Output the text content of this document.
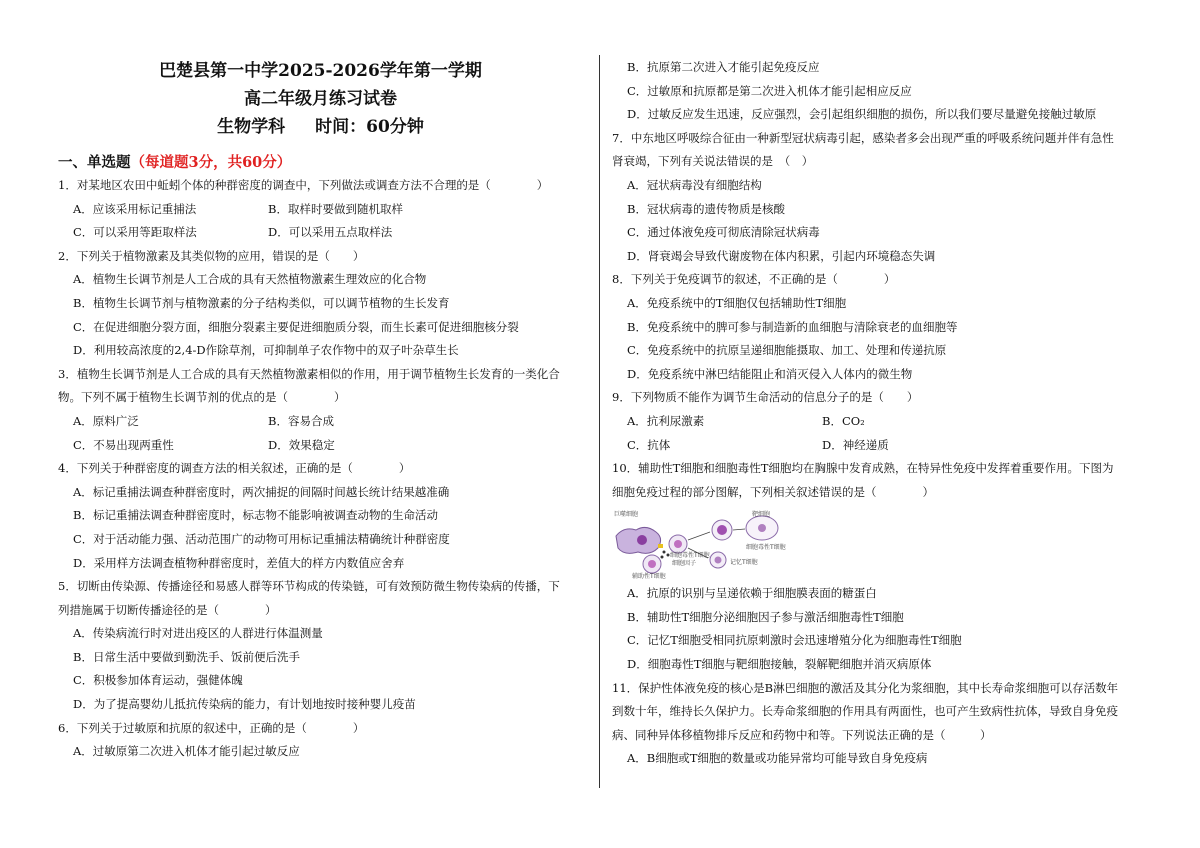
巴楚县第一中学2025-2026学年第一学期
高二年级月练习试卷
生物学科 时间：60分钟
一、单选题（每道题3分，共60分）

1．对某地区农田中蚯蚓个体的种群密度的调查中，下列做法或调查方法不合理的是（　　　　）

A．应该采用标记重捕法	B．取样时要做到随机取样
C．可以采用等距取样法	D．可以采用五点取样法

2．下列关于植物激素及其类似物的应用，错误的是（　　）

A．植物生长调节剂是人工合成的具有天然植物激素生理效应的化合物

B．植物生长调节剂与植物激素的分子结构类似，可以调节植物的生长发育

C．在促进细胞分裂方面，细胞分裂素主要促进细胞质分裂，而生长素可促进细胞核分裂

D．利用较高浓度的2,4-D作除草剂，可抑制单子农作物中的双子叶杂草生长

3．植物生长调节剂是人工合成的具有天然植物激素相似的作用，用于调节植物生长发育的一类化合

物。下列不属于植物生长调节剂的优点的是（　　　　）

A．原料广泛	B．容易合成
C．不易出现两重性	D．效果稳定

4．下列关于种群密度的调查方法的相关叙述，正确的是（　　　　）

A．标记重捕法调查种群密度时，两次捕捉的间隔时间越长统计结果越准确

B．标记重捕法调查种群密度时，标志物不能影响被调查动物的生命活动

C．对于活动能力强、活动范围广的动物可用标记重捕法精确统计种群密度

D．采用样方法调查植物种群密度时，差值大的样方内数值应舍弃

5．切断由传染源、传播途径和易感人群等环节构成的传染链，可有效预防微生物传染病的传播，下

列措施属于切断传播途径的是（　　　　）

A．传染病流行时对进出疫区的人群进行体温测量

B．日常生活中要做到勤洗手、饭前便后洗手

C．积极参加体育运动，强健体魄

D．为了提高婴幼儿抵抗传染病的能力，有计划地按时接种婴儿疫苗

6．下列关于过敏原和抗原的叙述中，正确的是（　　　　）

A．过敏原第二次进入机体才能引起过敏反应

B．抗原第二次进入才能引起免疫反应

C．过敏原和抗原都是第二次进入机体才能引起相应反应

D．过敏反应发生迅速，反应强烈，会引起组织细胞的损伤，所以我们要尽量避免接触过敏原

7．中东地区呼吸综合征由一种新型冠状病毒引起，感染者多会出现严重的呼吸系统问题并伴有急性

肾衰竭，下列有关说法错误的是　（　）

A．冠状病毒没有细胞结构

B．冠状病毒的遗传物质是核酸

C．通过体液免疫可彻底清除冠状病毒

D．肾衰竭会导致代谢废物在体内积累，引起内环境稳态失调

8．下列关于免疫调节的叙述，不正确的是（　　　　）

A．免疫系统中的T细胞仅包括辅助性T细胞

B．免疫系统中的脾可参与制造新的血细胞与清除衰老的血细胞等

C．免疫系统中的抗原呈递细胞能摄取、加工、处理和传递抗原

D．免疫系统中淋巴结能阻止和消灭侵入人体内的微生物

9．下列物质不能作为调节生命活动的信息分子的是（　　）

A．抗利尿激素	B．CO₂
C．抗体	D．神经递质

10．辅助性T细胞和细胞毒性T细胞均在胸腺中发育成熟，在特异性免疫中发挥着重要作用。下图为

细胞免疫过程的部分图解，下列相关叙述错误的是（　　　　）

巨噬细胞	靶细胞
细胞毒性T细胞
细胞因子	记忆T细胞
细胞毒性T细胞
辅助性T细胞

A．抗原的识别与呈递依赖于细胞膜表面的糖蛋白

B．辅助性T细胞分泌细胞因子参与激活细胞毒性T细胞

C．记忆T细胞受相同抗原刺激时会迅速增殖分化为细胞毒性T细胞

D．细胞毒性T细胞与靶细胞接触，裂解靶细胞并消灭病原体

11．保护性体液免疫的核心是B淋巴细胞的激活及其分化为浆细胞，其中长寿命浆细胞可以存活数年

到数十年，维持长久保护力。长寿命浆细胞的作用具有两面性，也可产生致病性抗体，导致自身免疫

病、同种异体移植物排斥反应和药物中和等。下列说法正确的是（　　　）

A．B细胞或T细胞的数量或功能异常均可能导致自身免疫病
